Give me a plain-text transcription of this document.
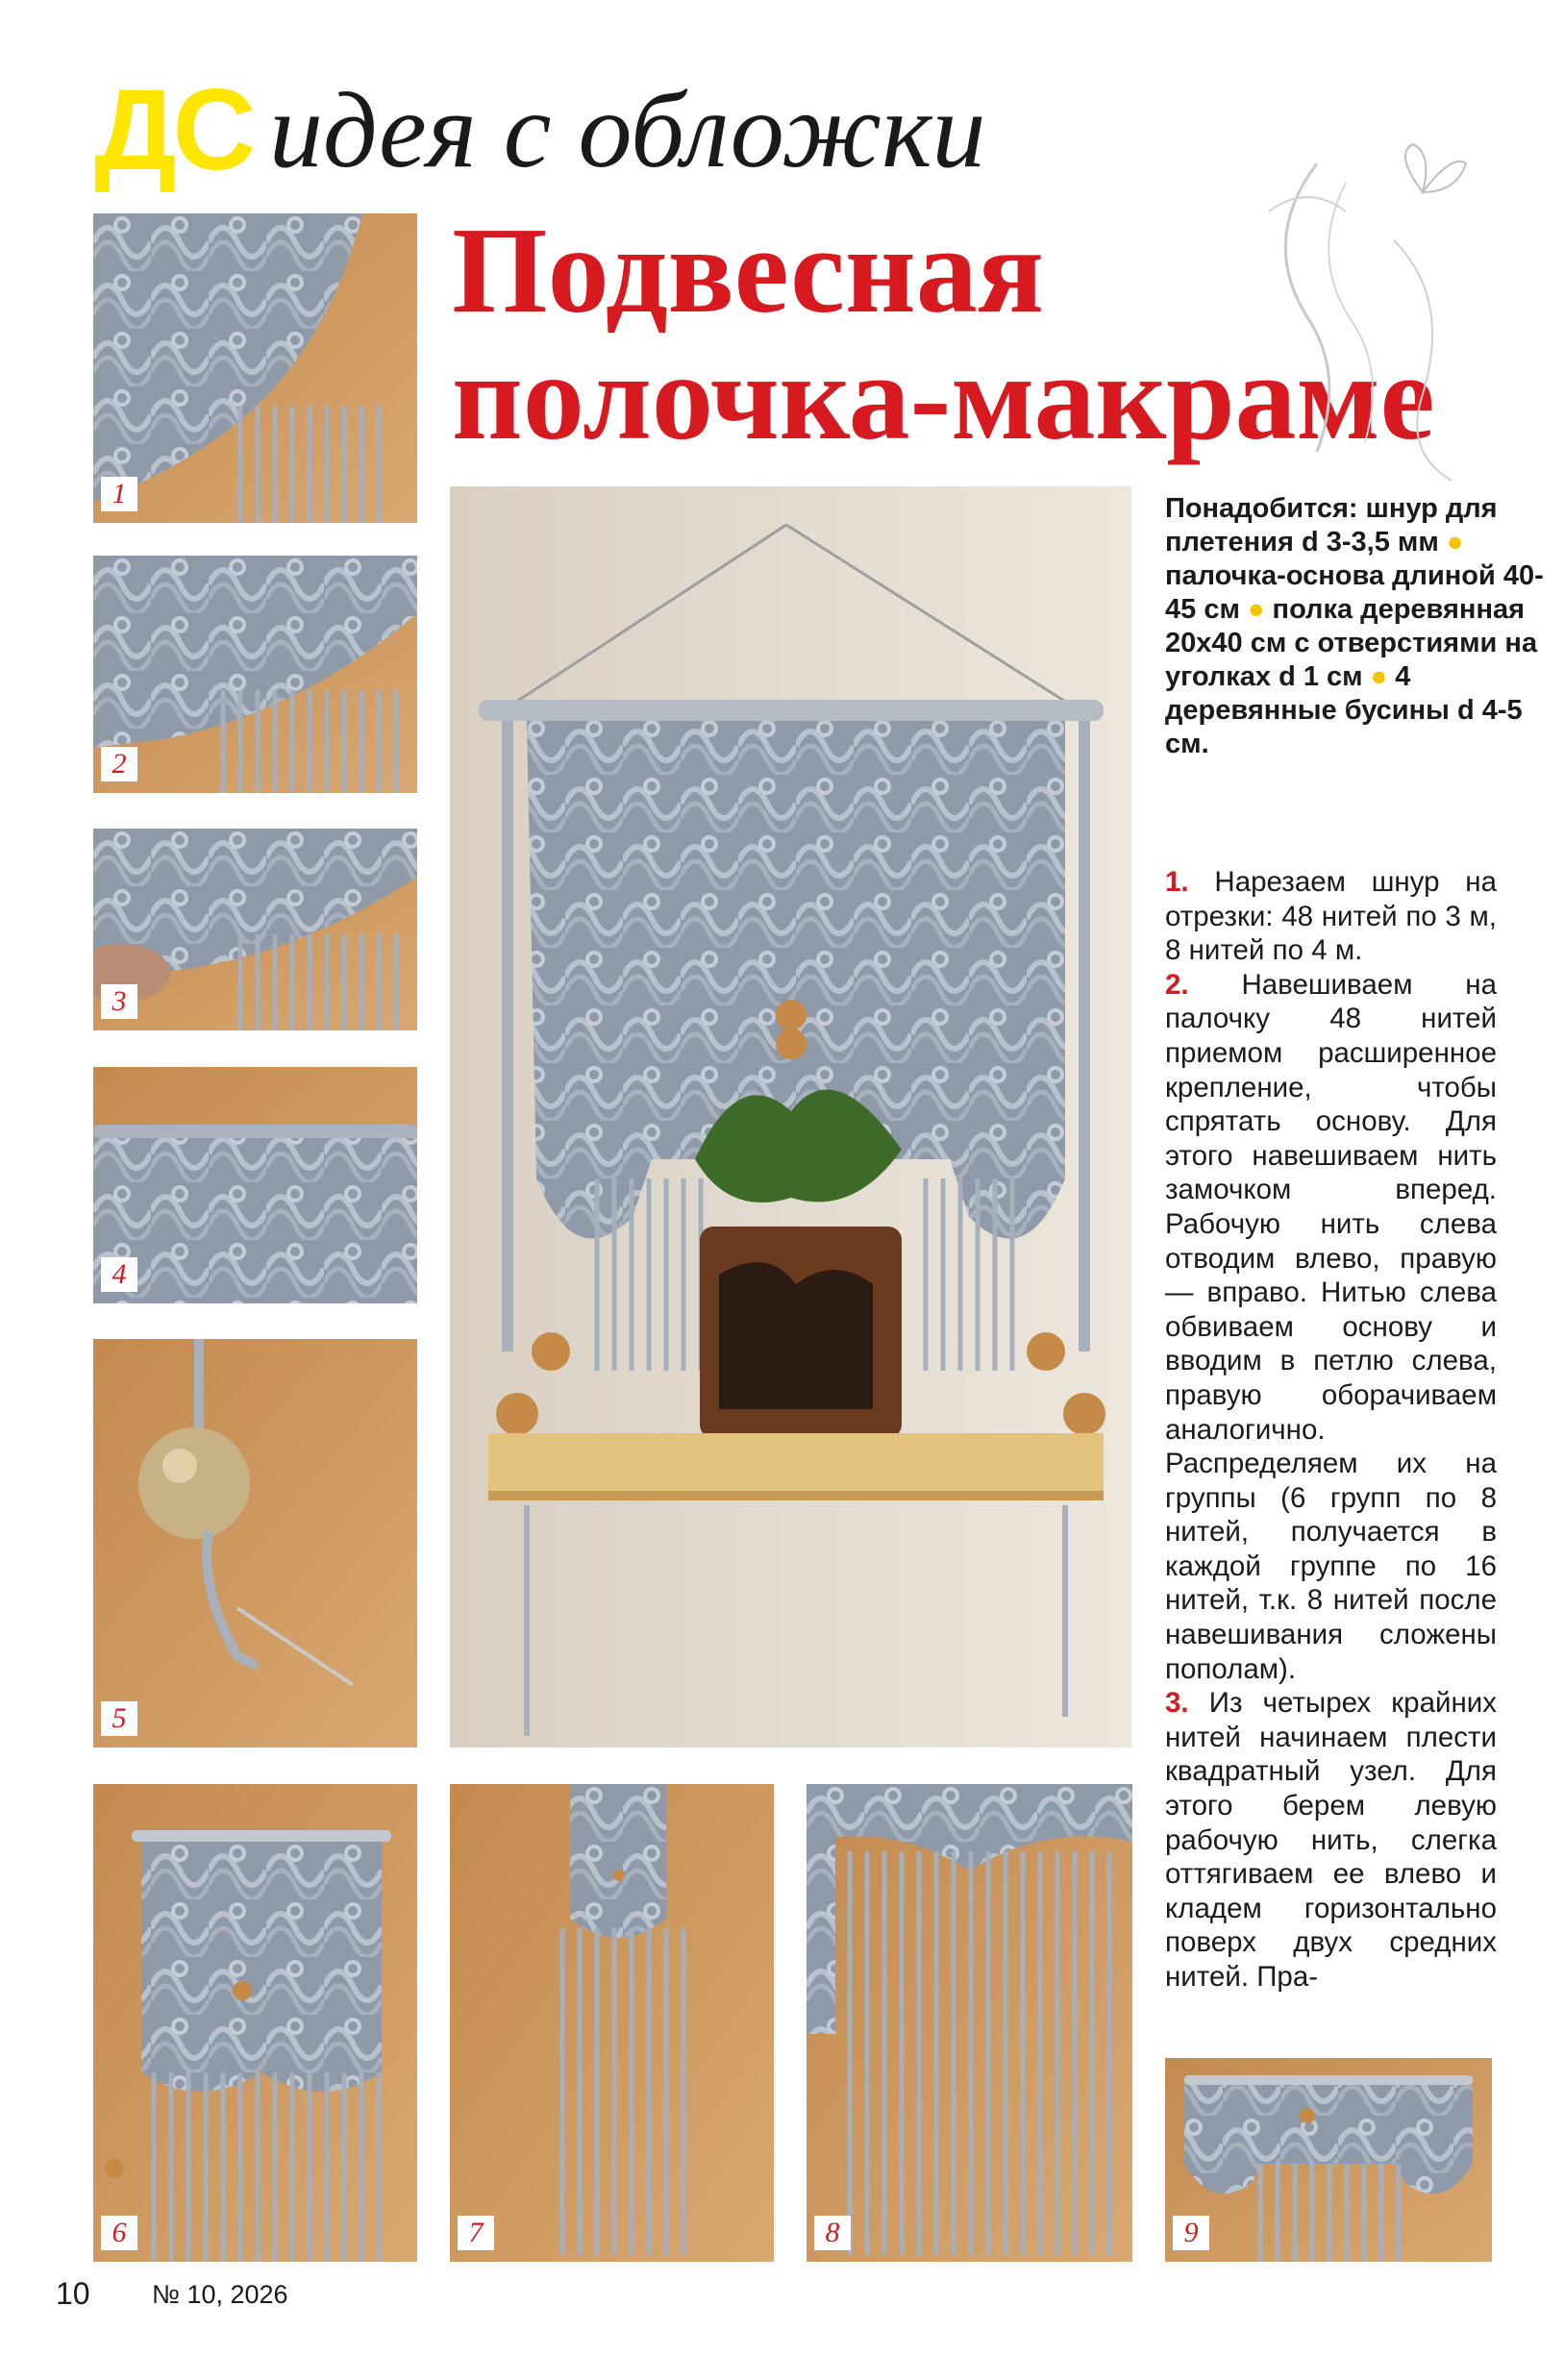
ДС идея с обложки
Подвесная
полочка-макраме
1
2
3
4
5
6	7	8	9
Понадобится: шнур для плетения d 3-3,5 мм ● палочка-основа длиной 40-45 см ● полка деревянная 20х40 см с отверстиями на уголках d 1 см ● 4 деревянные бусины d 4-5 см.
1. Нарезаем шнур на отрезки: 48 нитей по 3 м, 8 нитей по 4 м.
2. Навешиваем на палочку 48 нитей приемом расширенное крепление, чтобы спрятать основу. Для этого навешиваем нить замочком вперед. Рабочую нить слева отводим влево, правую — вправо. Нитью слева обвиваем основу и вводим в петлю слева, правую оборачиваем аналогично. Распределяем их на группы (6 групп по 8 нитей, получается в каждой группе по 16 нитей, т.к. 8 нитей после навешивания сложены пополам).
3. Из четырех крайних нитей начинаем плести квадратный узел. Для этого берем левую рабочую нить, слегка оттягиваем ее влево и кладем горизонтально поверх двух средних нитей. Пра-
10 № 10, 2026
